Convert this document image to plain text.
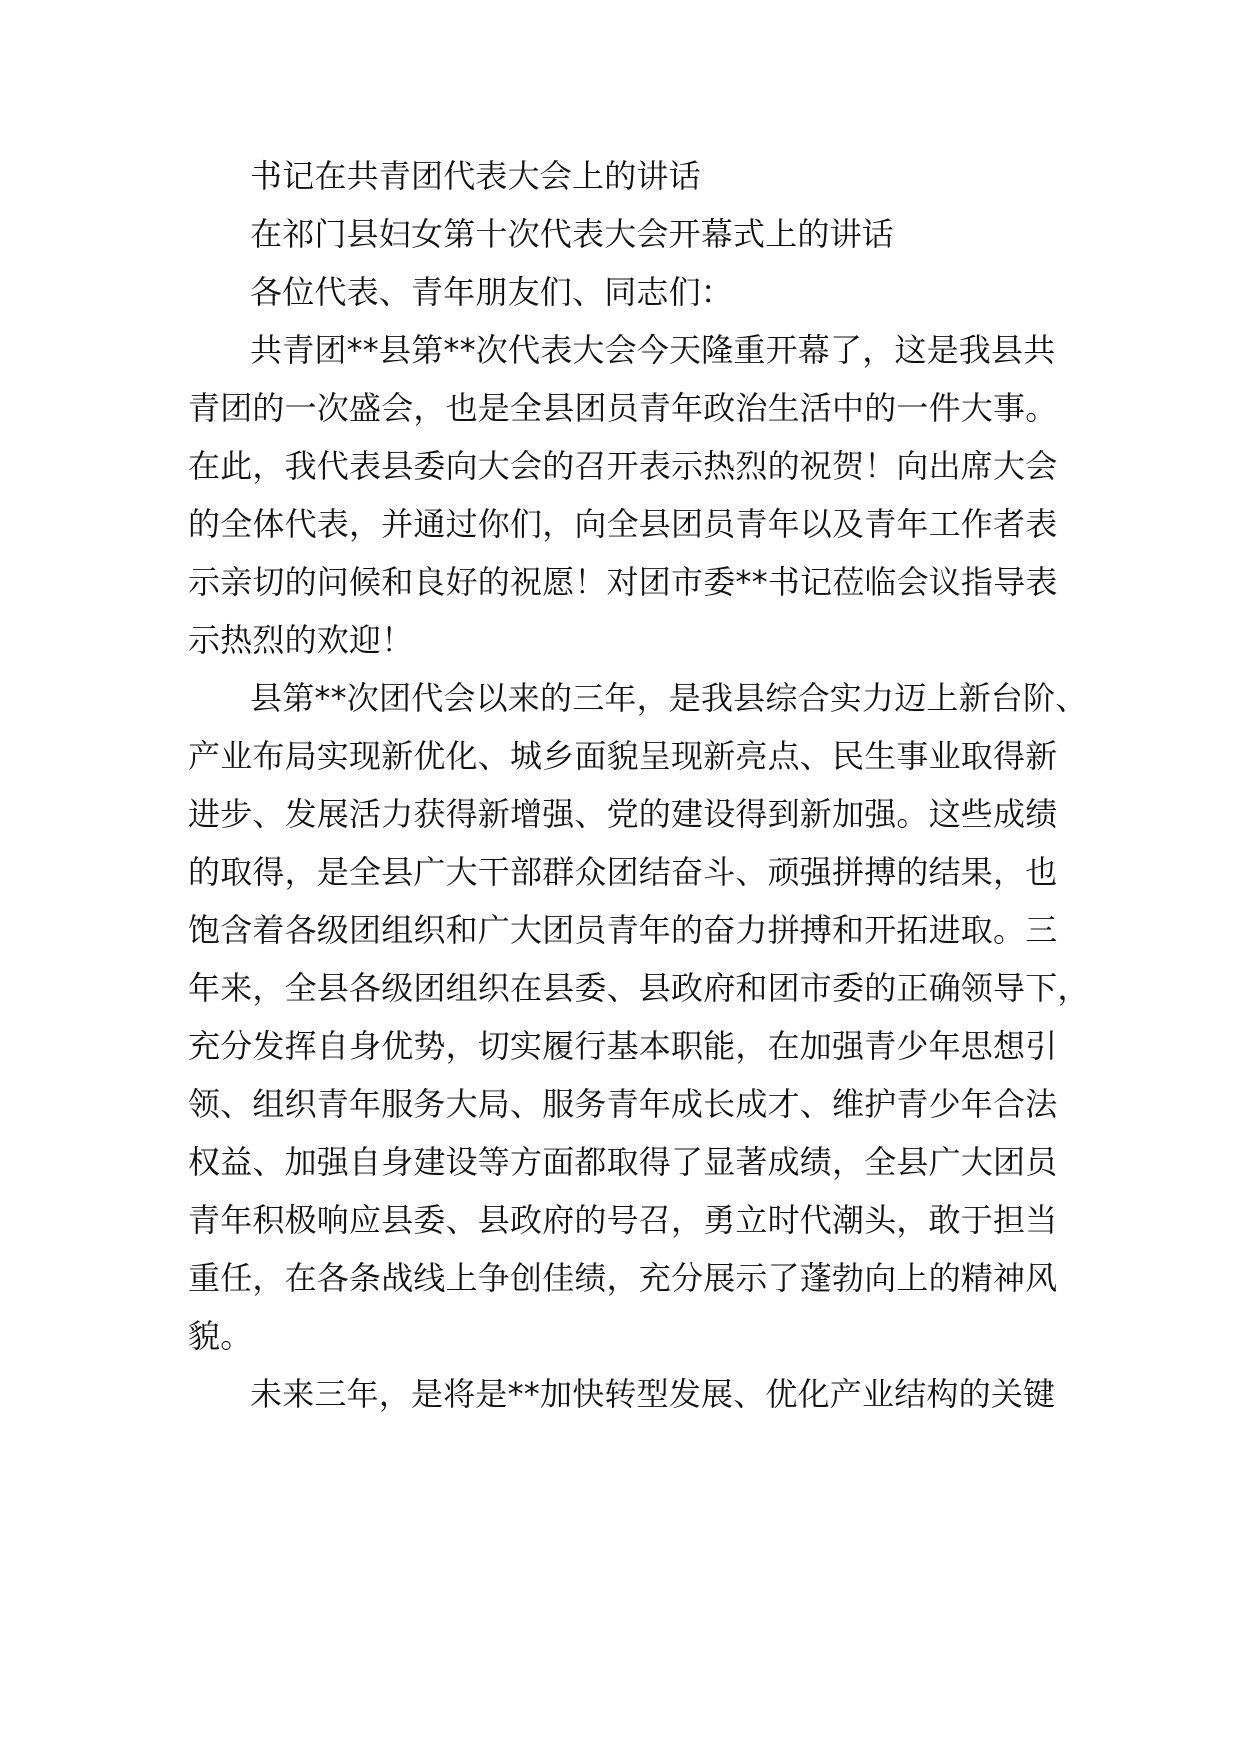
书记在共青团代表大会上的讲话
在祁门县妇女第十次代表大会开幕式上的讲话
各位代表、青年朋友们、同志们：
共青团**县第**次代表大会今天隆重开幕了，这是我县共
青团的一次盛会，也是全县团员青年政治生活中的一件大事。
在此，我代表县委向大会的召开表示热烈的祝贺！向出席大会
的全体代表，并通过你们，向全县团员青年以及青年工作者表
示亲切的问候和良好的祝愿！对团市委**书记莅临会议指导表
示热烈的欢迎！
县第**次团代会以来的三年，是我县综合实力迈上新台阶、
产业布局实现新优化、城乡面貌呈现新亮点、民生事业取得新
进步、发展活力获得新增强、党的建设得到新加强。这些成绩
的取得，是全县广大干部群众团结奋斗、顽强拼搏的结果，也
饱含着各级团组织和广大团员青年的奋力拼搏和开拓进取。三
年来，全县各级团组织在县委、县政府和团市委的正确领导下，
充分发挥自身优势，切实履行基本职能，在加强青少年思想引
领、组织青年服务大局、服务青年成长成才、维护青少年合法
权益、加强自身建设等方面都取得了显著成绩，全县广大团员
青年积极响应县委、县政府的号召，勇立时代潮头，敢于担当
重任，在各条战线上争创佳绩，充分展示了蓬勃向上的精神风
貌。
未来三年，是将是**加快转型发展、优化产业结构的关键
